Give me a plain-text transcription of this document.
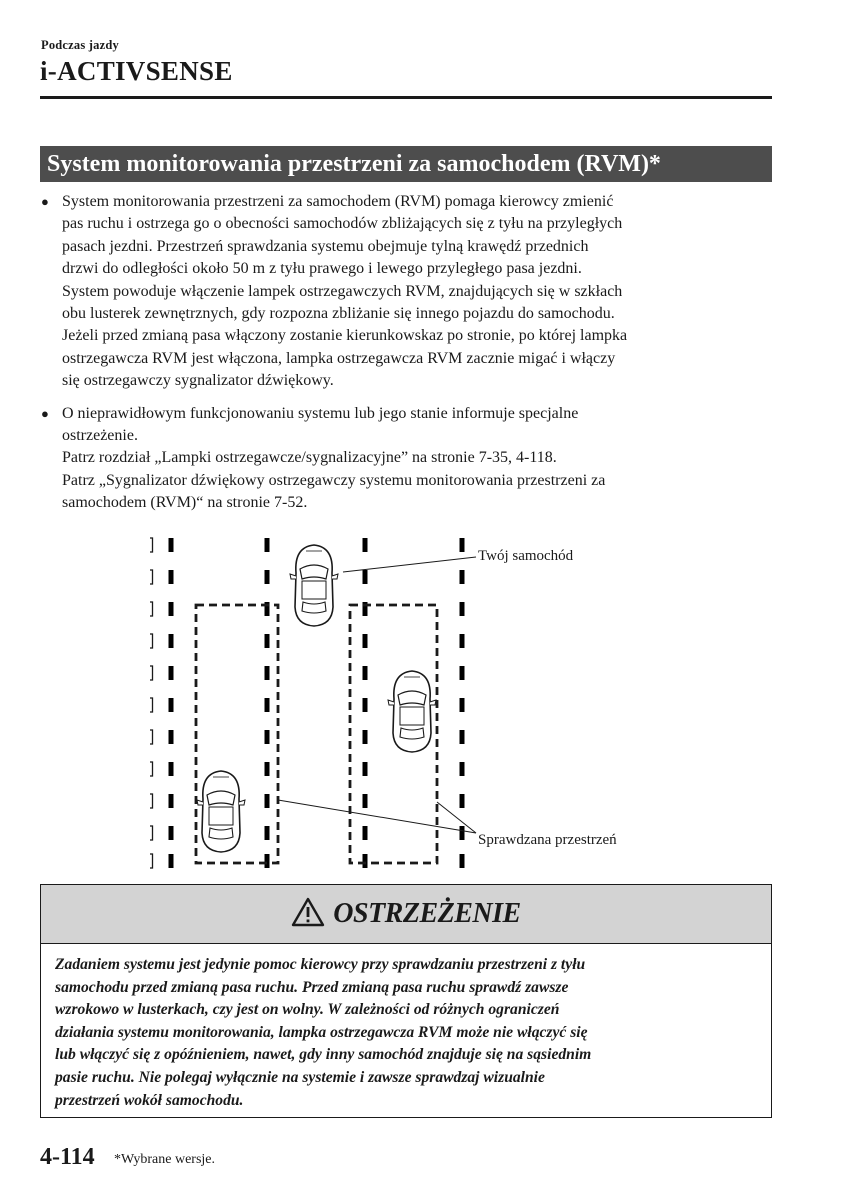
Podczas jazdy
i-ACTIVSENSE
System monitorowania przestrzeni za samochodem (RVM)*
● System monitorowania przestrzeni za samochodem (RVM) pomaga kierowcy zmienić
pas ruchu i ostrzega go o obecności samochodów zbliżających się z tyłu na przyległych
pasach jezdni. Przestrzeń sprawdzania systemu obejmuje tylną krawędź przednich
drzwi do odległości około 50 m z tyłu prawego i lewego przyległego pasa jezdni.
System powoduje włączenie lampek ostrzegawczych RVM, znajdujących się w szkłach
obu lusterek zewnętrznych, gdy rozpozna zbliżanie się innego pojazdu do samochodu.
Jeżeli przed zmianą pasa włączony zostanie kierunkowskaz po stronie, po której lampka
ostrzegawcza RVM jest włączona, lampka ostrzegawcza RVM zacznie migać i włączy
się ostrzegawczy sygnalizator dźwiękowy.

● O nieprawidłowym funkcjonowaniu systemu lub jego stanie informuje specjalne
ostrzeżenie.
Patrz rozdział „Lampki ostrzegawcze/sygnalizacyjne” na stronie 7-35, 4-118.
Patrz „Sygnalizator dźwiękowy ostrzegawczy systemu monitorowania przestrzeni za
samochodem (RVM)“ na stronie 7-52.

Twój samochód
Sprawdzana przestrzeń
OSTRZEŻENIE
Zadaniem systemu jest jedynie pomoc kierowcy przy sprawdzaniu przestrzeni z tyłu
samochodu przed zmianą pasa ruchu. Przed zmianą pasa ruchu sprawdź zawsze
wzrokowo w lusterkach, czy jest on wolny. W zależności od różnych ograniczeń
działania systemu monitorowania, lampka ostrzegawcza RVM może nie włączyć się
lub włączyć się z opóźnieniem, nawet, gdy inny samochód znajduje się na sąsiednim
pasie ruchu. Nie polegaj wyłącznie na systemie i zawsze sprawdzaj wizualnie
przestrzeń wokół samochodu.
4-114 *Wybrane wersje.
